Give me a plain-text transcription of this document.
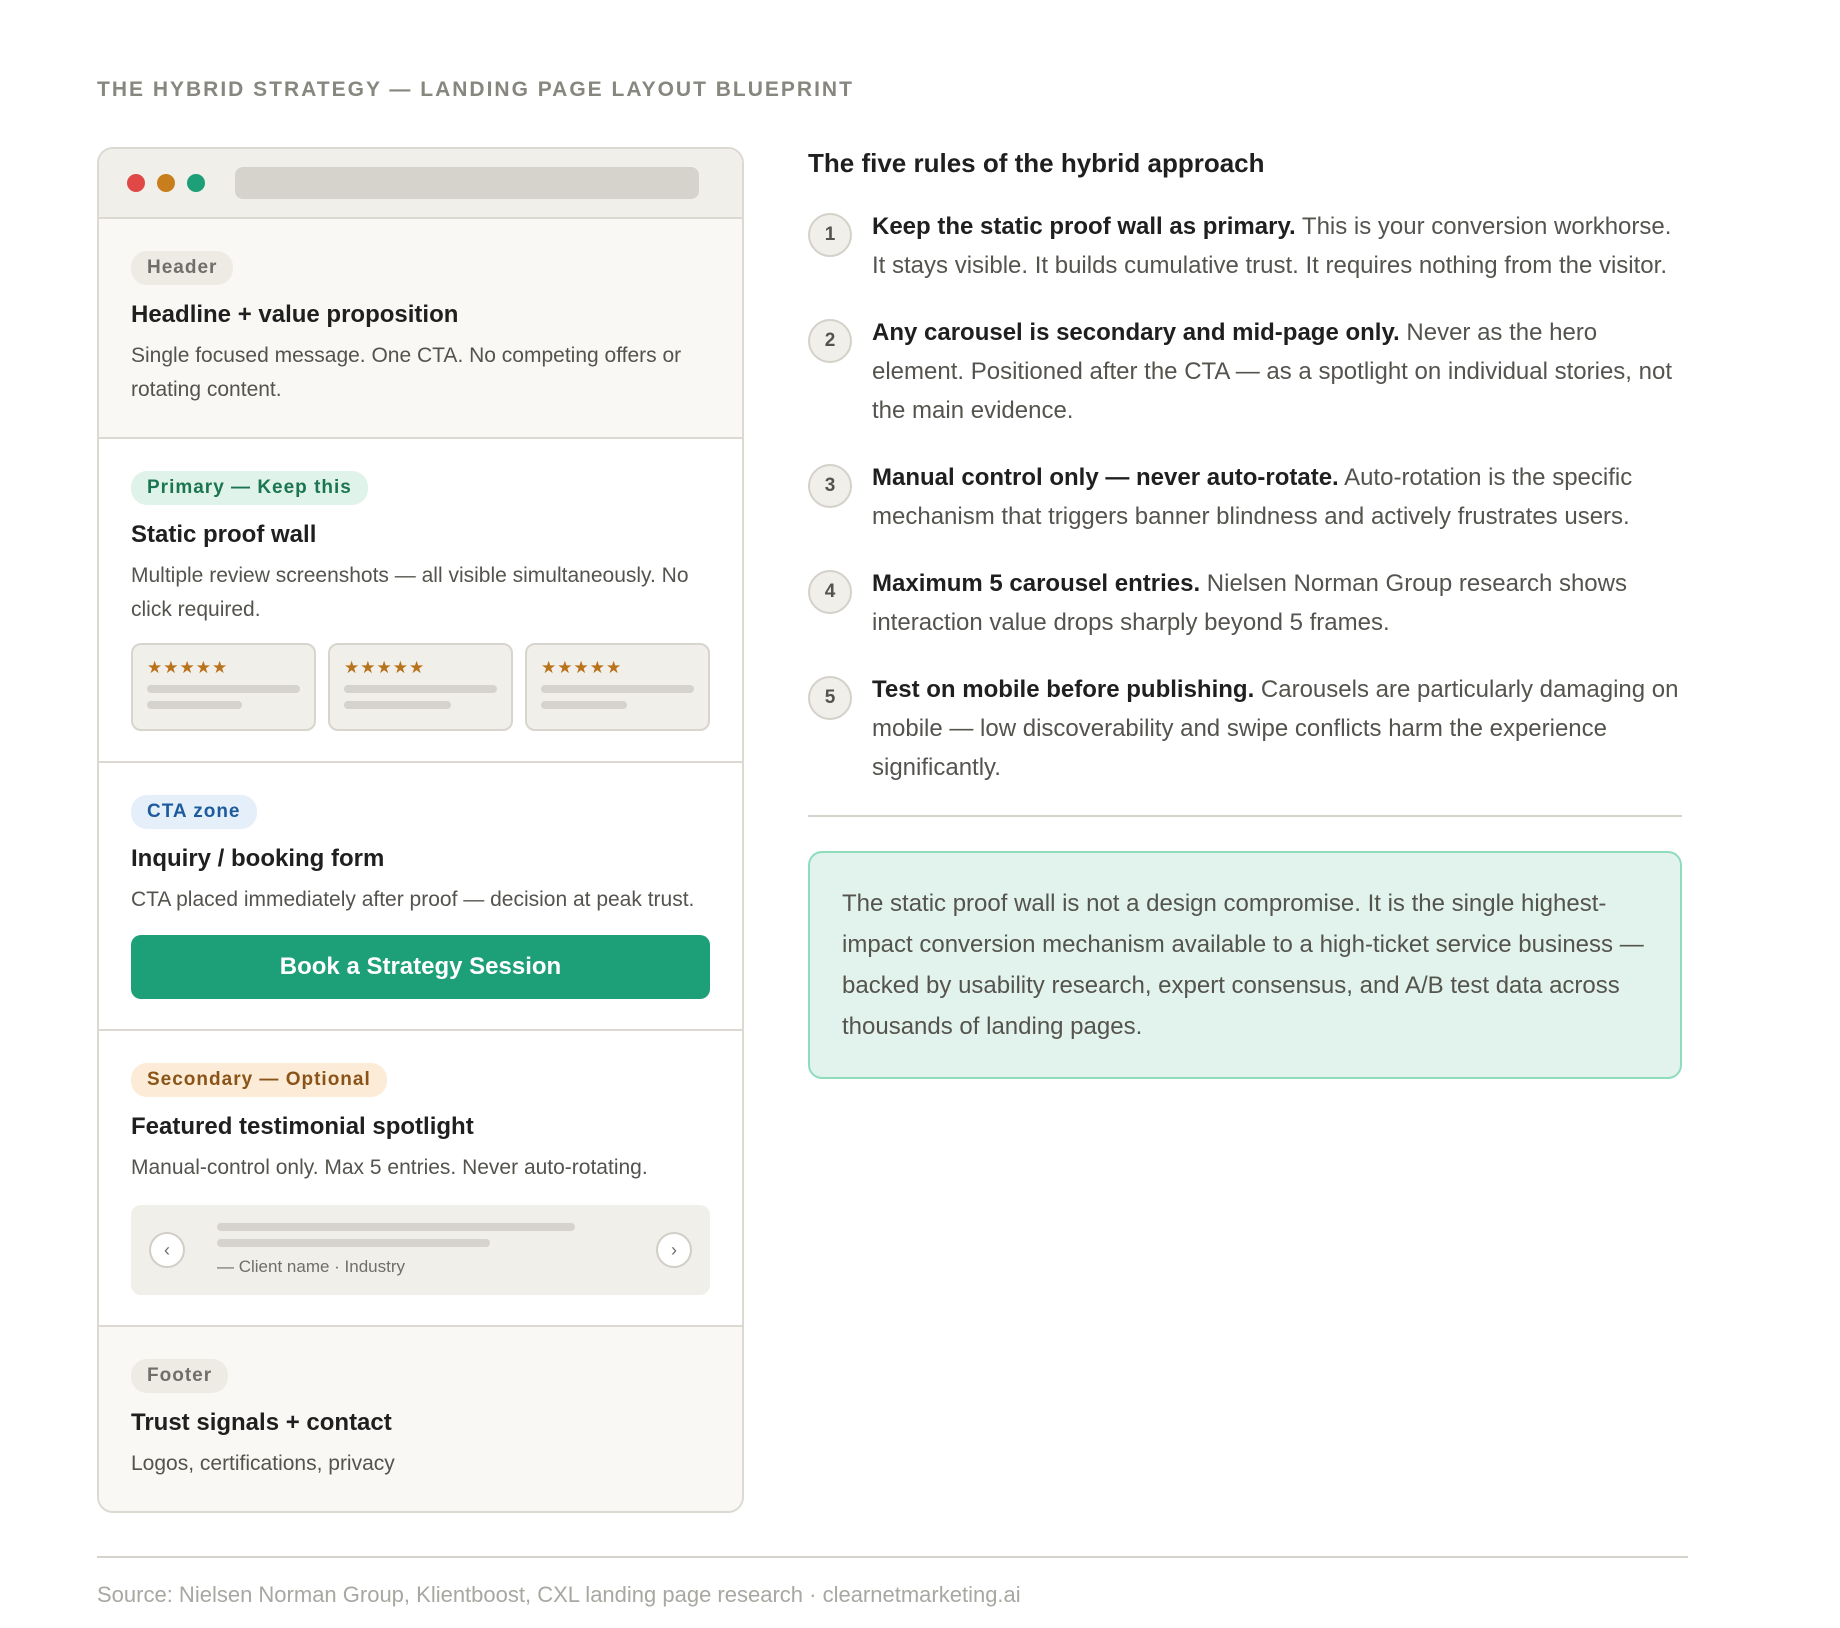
THE HYBRID STRATEGY — LANDING PAGE LAYOUT BLUEPRINT
Header
Headline + value proposition
Single focused message. One CTA. No competing offers or rotating content.
Primary — Keep this
Static proof wall
Multiple review screenshots — all visible simultaneously. No click required.
★★★★★	★★★★★	★★★★★
CTA zone
Inquiry / booking form
CTA placed immediately after proof — decision at peak trust.
Book a Strategy Session
Secondary — Optional
Featured testimonial spotlight
Manual-control only. Max 5 entries. Never auto-rotating.
‹
— Client name · Industry
›
Footer
Trust signals + contact
Logos, certifications, privacy
The five rules of the hybrid approach
1	Keep the static proof wall as primary. This is your conversion workhorse. It stays visible. It builds cumulative trust. It requires nothing from the visitor.
2	Any carousel is secondary and mid-page only. Never as the hero element. Positioned after the CTA — as a spotlight on individual stories, not the main evidence.
3	Manual control only — never auto-rotate. Auto-rotation is the specific mechanism that triggers banner blindness and actively frustrates users.
4	Maximum 5 carousel entries. Nielsen Norman Group research shows interaction value drops sharply beyond 5 frames.
5	Test on mobile before publishing. Carousels are particularly damaging on mobile — low discoverability and swipe conflicts harm the experience significantly.
The static proof wall is not a design compromise. It is the single highest-impact conversion mechanism available to a high-ticket service business — backed by usability research, expert consensus, and A/B test data across thousands of landing pages.
Source: Nielsen Norman Group, Klientboost, CXL landing page research · clearnetmarketing.ai
